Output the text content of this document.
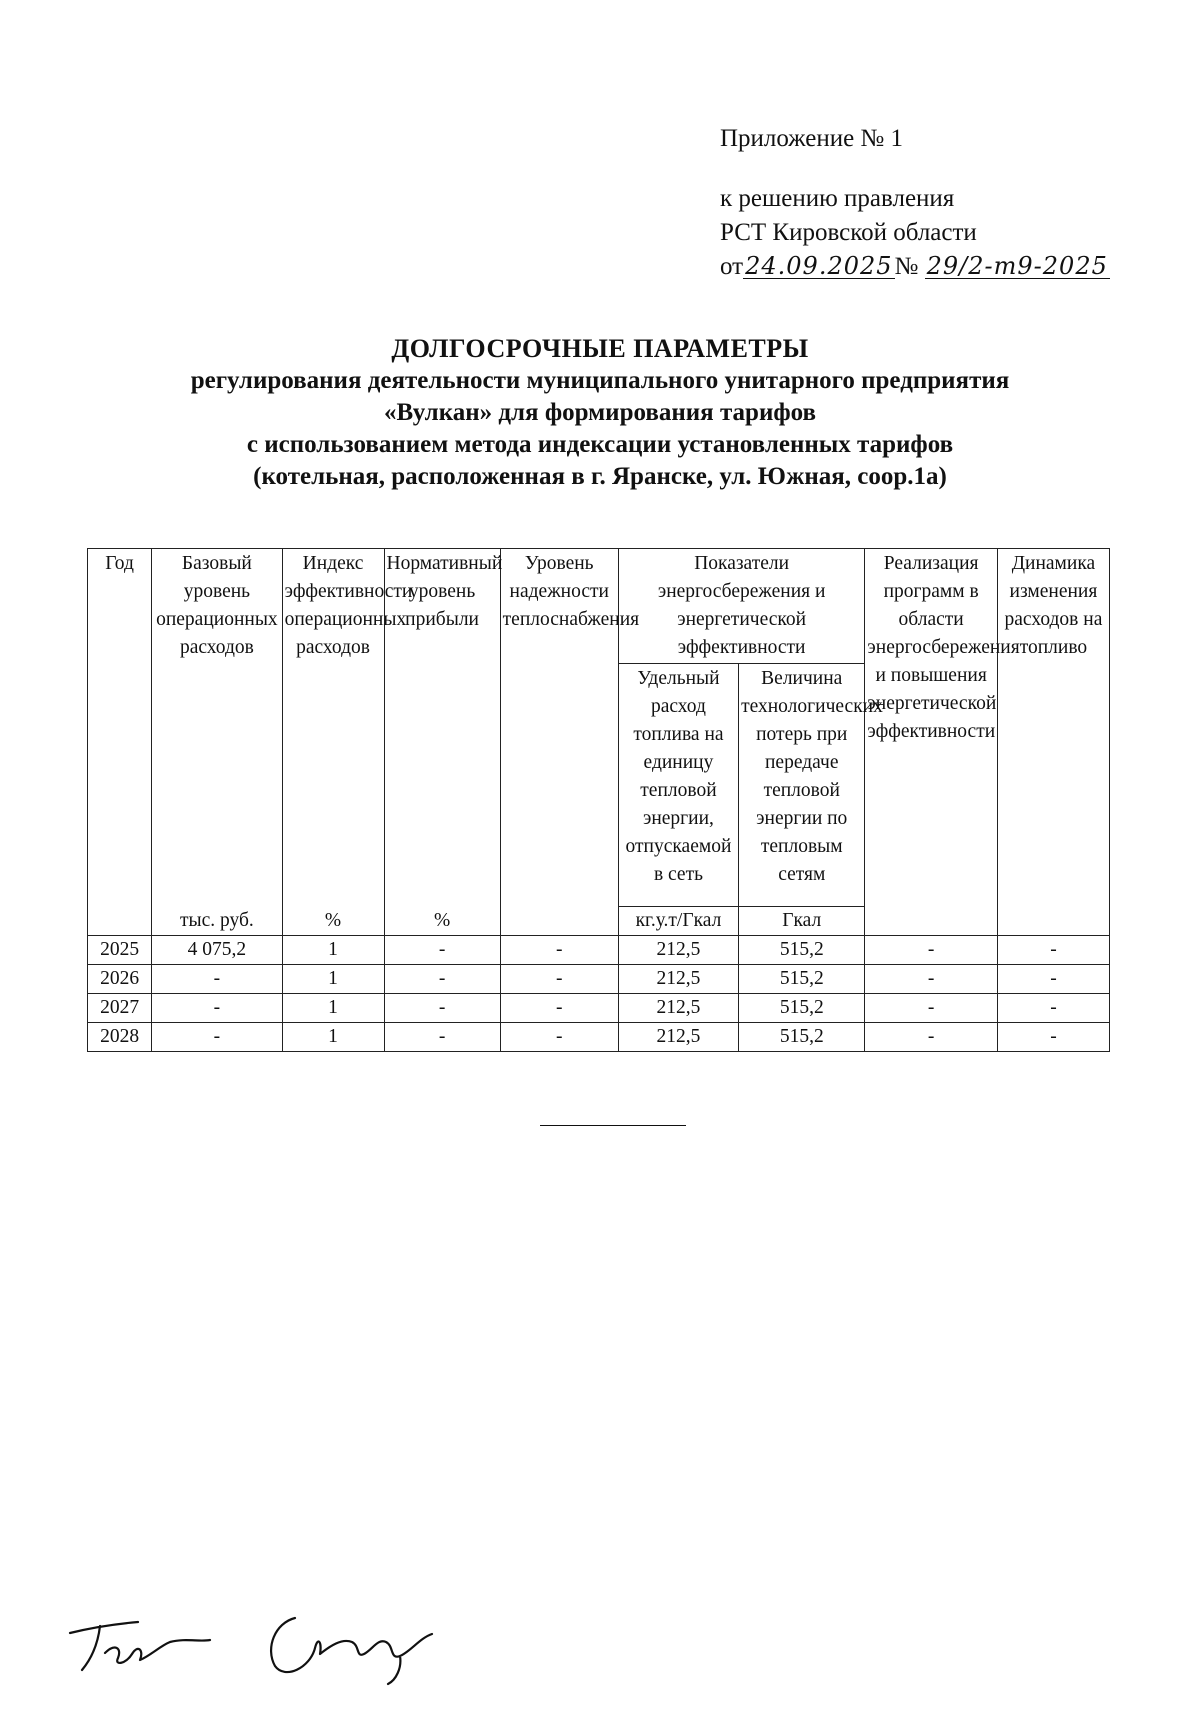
Приложение № 1
к решению правления
РСТ Кировской области
от24.09.2025№ 29/2-т9-2025
ДОЛГОСРОЧНЫЕ ПАРАМЕТРЫ
регулирования деятельности муниципального унитарного предприятия
«Вулкан» для формирования тарифов
с использованием метода индексации установленных тарифов
(котельная, расположенная в г. Яранске, ул. Южная, соор.1а)
Год	Базовый уровень операционных расходов	Индекс эффективности операционных расходов	Нормативный уровень прибыли	Уровень надежности теплоснабжения	Показатели энергосбережения и энергетической эффективности		Реализация программ в области энергосбережения и повышения энергетической эффективности	Динамика изменения расходов на топливо
					Удельный расход топлива на единицу тепловой энергии, отпускаемой в сеть	Величина технологических потерь при передаче тепловой энергии по тепловым сетям		
	тыс. руб.	%	%		кг.у.т/Гкал	Гкал		
2025	4 075,2	1	-	-	212,5	515,2	-	-
2026	-	1	-	-	212,5	515,2	-	-
2027	-	1	-	-	212,5	515,2	-	-
2028	-	1	-	-	212,5	515,2	-	-
